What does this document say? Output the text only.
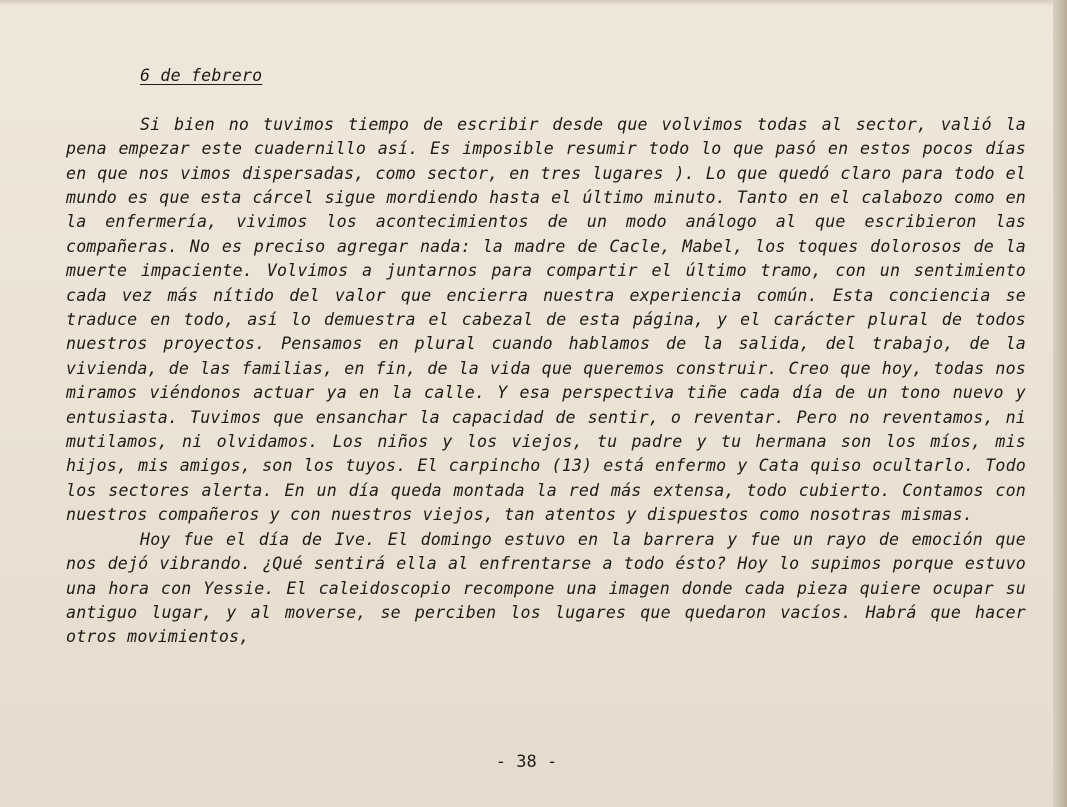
6 de febrero

Si bien no tuvimos tiempo de escribir desde que volvimos todas al sector, valió la pena empezar este cuadernillo así. Es imposible resumir todo lo que pasó en estos pocos días en que nos vimos dispersadas, como sector, en tres lugares ). Lo que quedó claro para todo el mundo es que esta cárcel sigue mordiendo hasta el último minuto. Tanto en el calabozo como en la enfermería, vivimos los acontecimientos de un modo análogo al que escribieron las compañeras. No es preciso agregar nada: la madre de Cacle, Mabel, los toques dolorosos de la muerte impaciente. Volvimos a juntarnos para compartir el último tramo, con un sentimiento cada vez más nítido del valor que encierra nuestra experiencia común. Esta conciencia se traduce en todo, así lo demuestra el cabezal de esta página, y el carácter plural de todos nuestros proyectos. Pensamos en plural cuando hablamos de la salida, del trabajo, de la vivienda, de las familias, en fin, de la vida que queremos construir. Creo que hoy, todas nos miramos viéndonos actuar ya en la calle. Y esa perspectiva tiñe cada día de un tono nuevo y entusiasta. Tuvimos que ensanchar la capacidad de sentir, o reventar. Pero no reventamos, ni mutilamos, ni olvidamos. Los niños y los viejos, tu padre y tu hermana son los míos, mis hijos, mis amigos, son los tuyos. El carpincho (13) está enfermo y Cata quiso ocultarlo. Todo los sectores alerta. En un día queda montada la red más extensa, todo cubierto. Contamos con nuestros compañeros y con nuestros viejos, tan atentos y dispuestos como nosotras mismas.

Hoy fue el día de Ive. El domingo estuvo en la barrera y fue un rayo de emoción que nos dejó vibrando. ¿Qué sentirá ella al enfrentarse a todo ésto? Hoy lo supimos porque estuvo una hora con Yessie. El caleidoscopio recompone una imagen donde cada pieza quiere ocupar su antiguo lugar, y al moverse, se perciben los lugares que quedaron vacíos. Habrá que hacer otros movimientos,

- 38 -
